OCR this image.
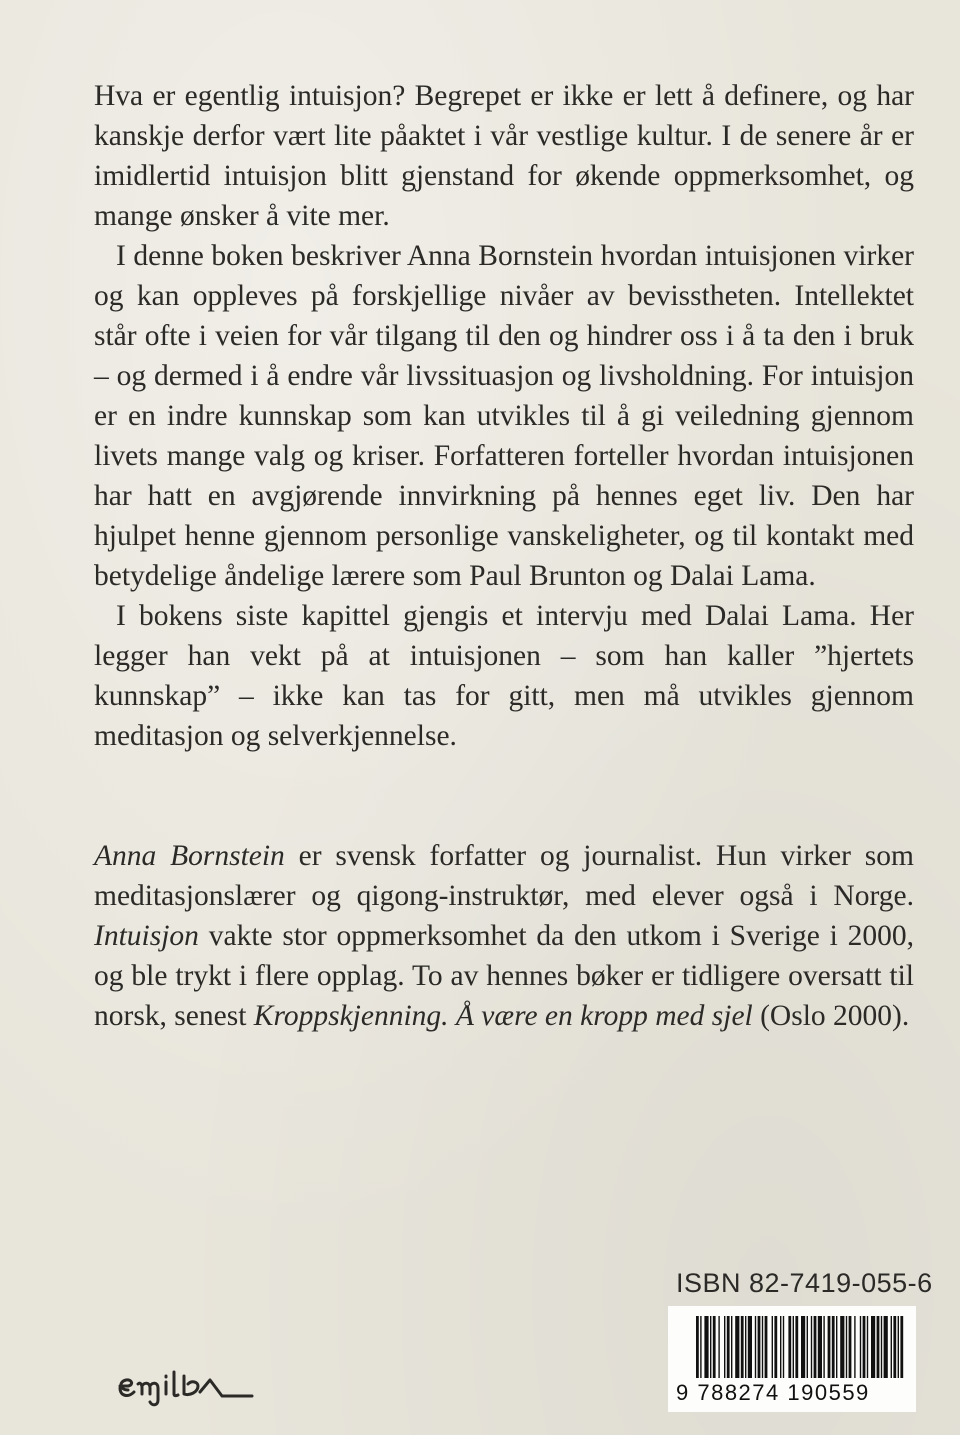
Hva er egentlig intuisjon? Begrepet er ikke er lett å definere, og har kanskje derfor vært lite påaktet i vår vestlige kultur. I de senere år er imidlertid intuisjon blitt gjenstand for økende oppmerksomhet, og mange ønsker å vite mer.

I denne boken beskriver Anna Bornstein hvordan intuisjonen virker og kan oppleves på forskjellige nivåer av bevisstheten. Intellektet står ofte i veien for vår tilgang til den og hindrer oss i å ta den i bruk – og dermed i å endre vår livssituasjon og livsholdning. For intuisjon er en indre kunnskap som kan utvikles til å gi veiledning gjennom livets mange valg og kriser. Forfatteren forteller hvordan intuisjonen har hatt en avgjørende innvirkning på hennes eget liv. Den har hjulpet henne gjennom personlige vanskeligheter, og til kontakt med betydelige åndelige lærere som Paul Brunton og Dalai Lama.

I bokens siste kapittel gjengis et intervju med Dalai Lama. Her legger han vekt på at intuisjonen – som han kaller ”hjertets kunnskap” – ikke kan tas for gitt, men må utvikles gjennom meditasjon og selverkjennelse.

Anna Bornstein er svensk forfatter og journalist. Hun virker som meditasjonslærer og qigong-instruktør, med elever også i Norge. Intuisjon vakte stor oppmerksomhet da den utkom i Sverige i 2000, og ble trykt i flere opplag. To av hennes bøker er tidligere oversatt til norsk, senest Kroppskjenning. Å være en kropp med sjel (Oslo 2000).

ISBN 82-7419-055-6
9 788274 190559
